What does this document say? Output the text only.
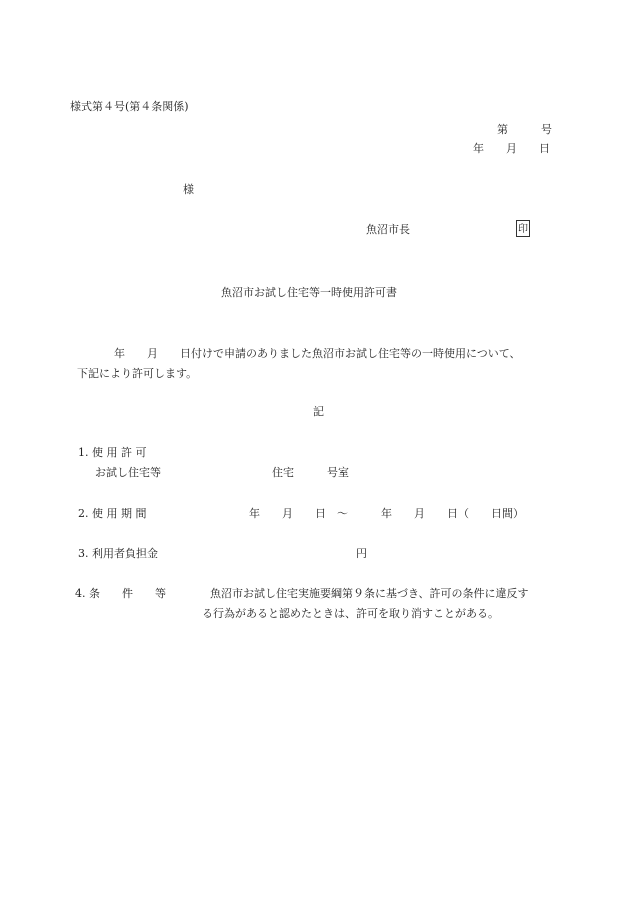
様式第４号(第４条関係)
第　　　号
年　　月　　日
様
魚沼市長	印
魚沼市お試し住宅等一時使用許可書
年　　月　　日付けで申請のありました魚沼市お試し住宅等の一時使用について、
下記により許可します。
記
1. 使 用 許 可
お試し住宅等	住宅　　　号室
2. 使 用 期 間	年　　月　　日　～　　　年　　月　　日（　　日間）
3. 利用者負担金	円
4. 条　　件　　等	魚沼市お試し住宅実施要綱第９条に基づき、許可の条件に違反す
る行為があると認めたときは、許可を取り消すことがある。
